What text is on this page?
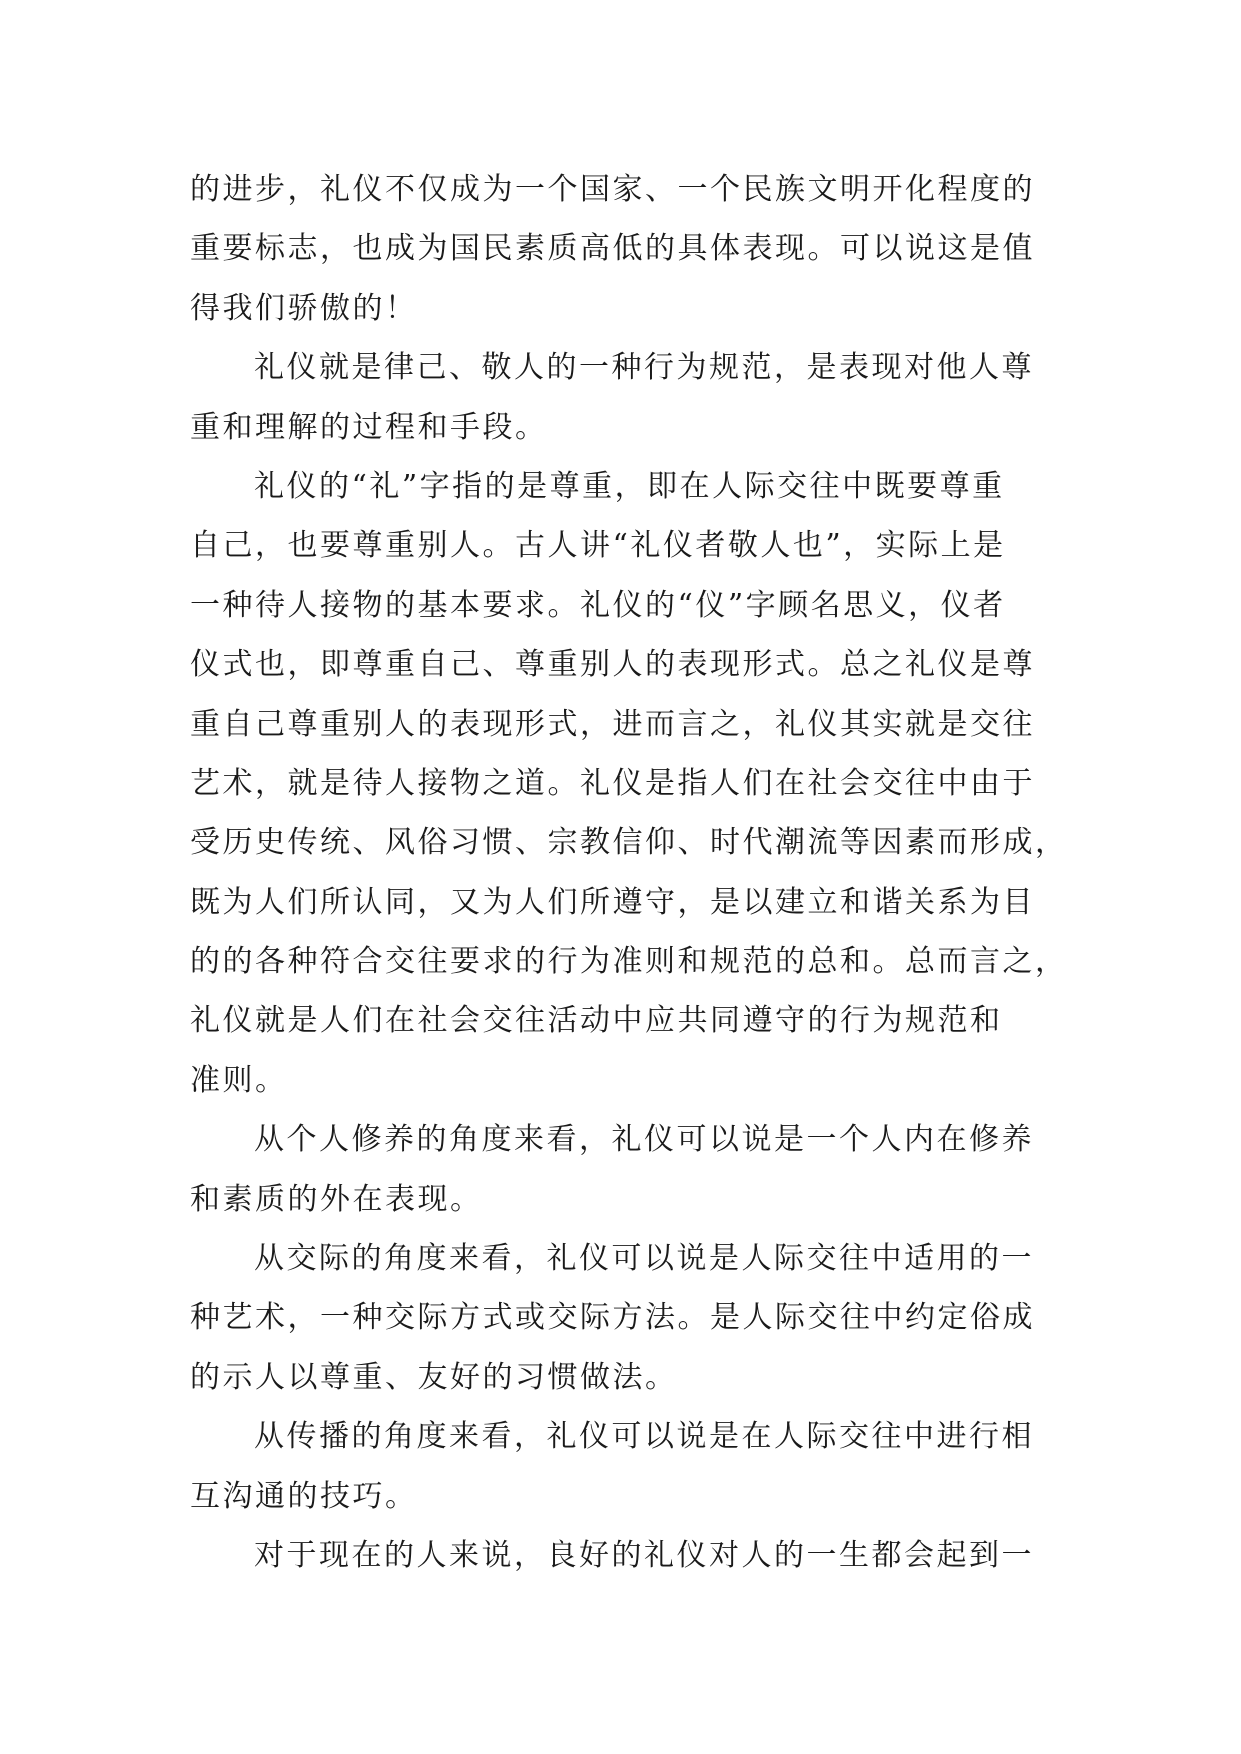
的进步，礼仪不仅成为一个国家、一个民族文明开化程度的
重要标志，也成为国民素质高低的具体表现。可以说这是值
得我们骄傲的！
礼仪就是律己、敬人的一种行为规范，是表现对他人尊
重和理解的过程和手段。
礼仪的“礼”字指的是尊重，即在人际交往中既要尊重
自己，也要尊重别人。古人讲“礼仪者敬人也”，实际上是
一种待人接物的基本要求。礼仪的“仪”字顾名思义，仪者
仪式也，即尊重自己、尊重别人的表现形式。总之礼仪是尊
重自己尊重别人的表现形式，进而言之，礼仪其实就是交往
艺术，就是待人接物之道。礼仪是指人们在社会交往中由于
受历史传统、风俗习惯、宗教信仰、时代潮流等因素而形成，
既为人们所认同，又为人们所遵守，是以建立和谐关系为目
的的各种符合交往要求的行为准则和规范的总和。总而言之，
礼仪就是人们在社会交往活动中应共同遵守的行为规范和
准则。
从个人修养的角度来看，礼仪可以说是一个人内在修养
和素质的外在表现。
从交际的角度来看，礼仪可以说是人际交往中适用的一
种艺术，一种交际方式或交际方法。是人际交往中约定俗成
的示人以尊重、友好的习惯做法。
从传播的角度来看，礼仪可以说是在人际交往中进行相
互沟通的技巧。
对于现在的人来说，良好的礼仪对人的一生都会起到一
